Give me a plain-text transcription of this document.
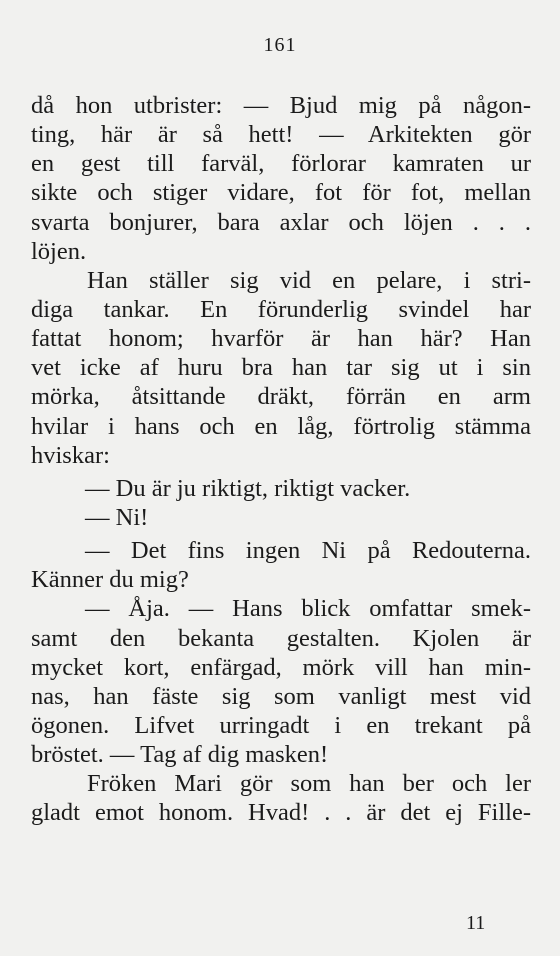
161
då hon utbrister: — Bjud mig på någon-
ting, här är så hett! — Arkitekten gör
en gest till farväl, förlorar kamraten ur
sikte och stiger vidare, fot för fot, mellan
svarta bonjurer, bara axlar och löjen . . .
löjen.
Han ställer sig vid en pelare, i stri-
diga tankar. En förunderlig svindel har
fattat honom; hvarför är han här? Han
vet icke af huru bra han tar sig ut i sin
mörka, åtsittande dräkt, förrän en arm
hvilar i hans och en låg, förtrolig stämma
hviskar:
— Du är ju riktigt, riktigt vacker.
— Ni!
— Det fins ingen Ni på Redouterna.
Känner du mig?
— Åja. — Hans blick omfattar smek-
samt den bekanta gestalten. Kjolen är
mycket kort, enfärgad, mörk vill han min-
nas, han fäste sig som vanligt mest vid
ögonen. Lifvet urringadt i en trekant på
bröstet. — Tag af dig masken!
Fröken Mari gör som han ber och ler
gladt emot honom. Hvad! . . är det ej Fille-
11
